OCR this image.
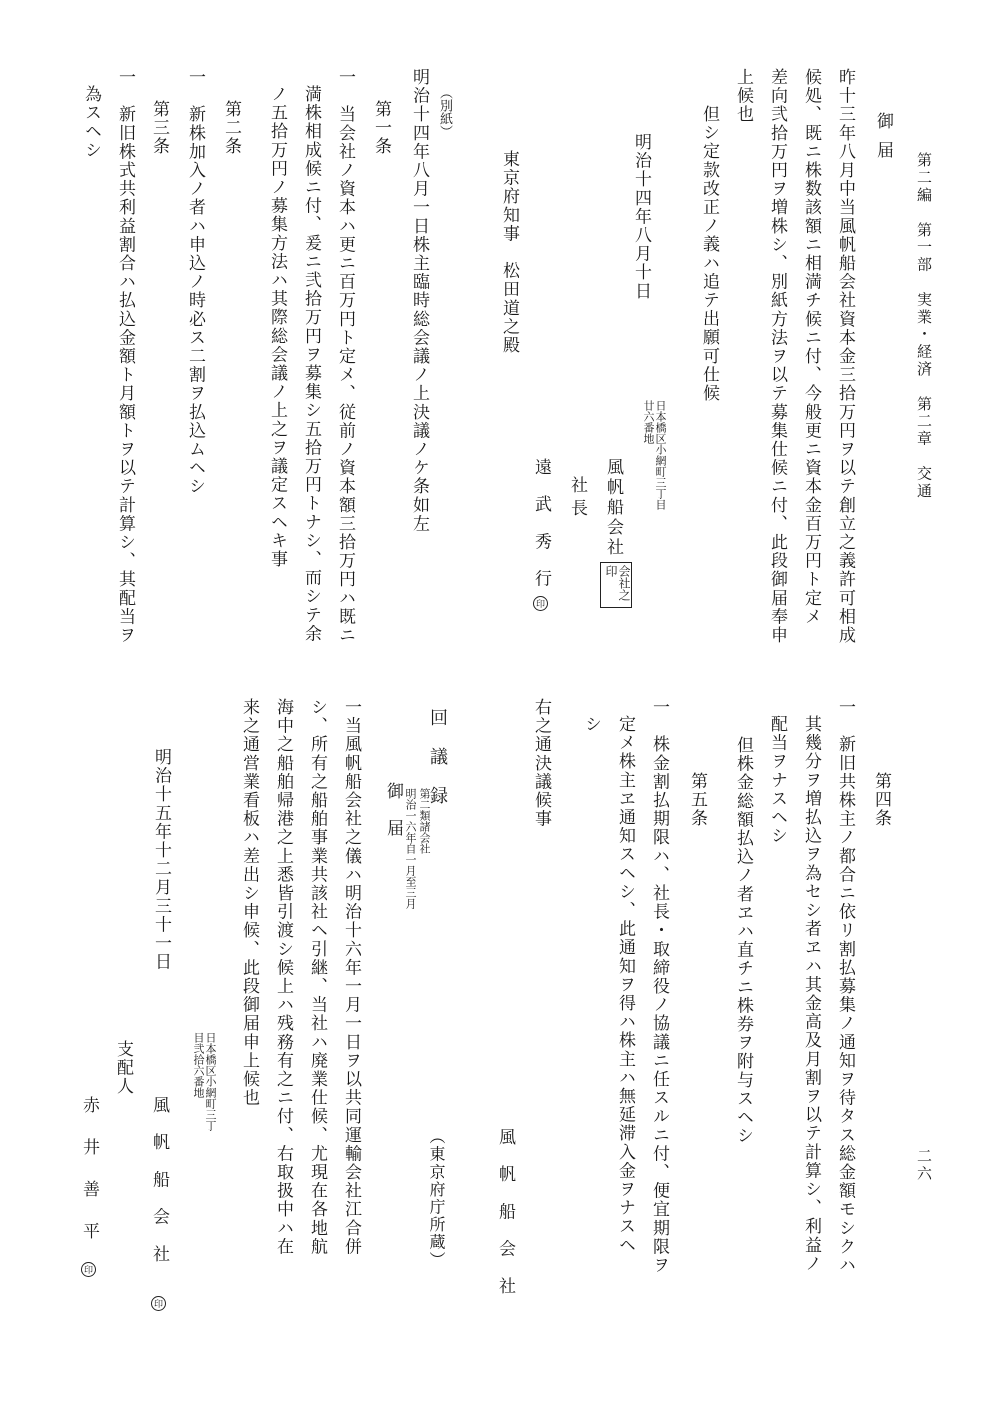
第二編　第一部　実業・経済　第二章　交通
二六
御届
昨十三年八月中当風帆船会社資本金三拾万円ヲ以テ創立之義許可相成
候処、既ニ株数該額ニ相満チ候ニ付、今般更ニ資本金百万円ト定メ
差向弐拾万円ヲ増株シ、別紙方法ヲ以テ募集仕候ニ付、此段御届奉申
上候也
但シ定款改正ノ義ハ追テ出願可仕候
明治十四年八月十日
日本橋区小網町三丁目廿六番地
風帆船会社
会社之印
社長
遠　武　秀　行
印
東京府知事　松田道之殿
（別紙）
明治十四年八月一日株主臨時総会議ノ上決議ノケ条如左
第一条
一　当会社ノ資本ハ更ニ百万円ト定メ、従前ノ資本額三拾万円ハ既ニ
満株相成候ニ付、爰ニ弐拾万円ヲ募集シ五拾万円トナシ、而シテ余
ノ五拾万円ノ募集方法ハ其際総会議ノ上之ヲ議定スヘキ事
第二条
一　新株加入ノ者ハ申込ノ時必ス二割ヲ払込ムヘシ
第三条
一　新旧株式共利益割合ハ払込金額ト月額トヲ以テ計算シ、其配当ヲ
為スヘシ
第四条
一　新旧共株主ノ都合ニ依リ割払募集ノ通知ヲ待タス総金額モシクハ
其幾分ヲ増払込ヲ為セシ者ヱハ其金高及月割ヲ以テ計算シ、利益ノ
配当ヲナスヘシ
但株金総額払込ノ者ヱハ直チニ株券ヲ附与スヘシ
第五条
一　株金割払期限ハ、社長・取締役ノ協議ニ任スルニ付、便宜期限ヲ
定メ株主ヱ通知スヘシ、此通知ヲ得ハ株主ハ無延滞入金ヲナスヘ
シ
右之通決議候事
風　帆　船　会　社
回　議　録
第二類諸会社
明治一六年自一月至三月
（東京府庁所蔵）
御　届
一当風帆船会社之儀ハ明治十六年一月一日ヲ以共同運輸会社江合併
シ、所有之船舶事業共該社ヘ引継、当社ハ廃業仕候、尤現在各地航
海中之船舶帰港之上悉皆引渡シ候上ハ残務有之ニ付、右取扱中ハ在
来之通営業看板ハ差出シ申候、此段御届申上候也
明治十五年十二月三十一日
日本橋区小網町三丁目弐拾六番地
風　帆　船　会　社
印
支配人
赤　井　善　平
印
